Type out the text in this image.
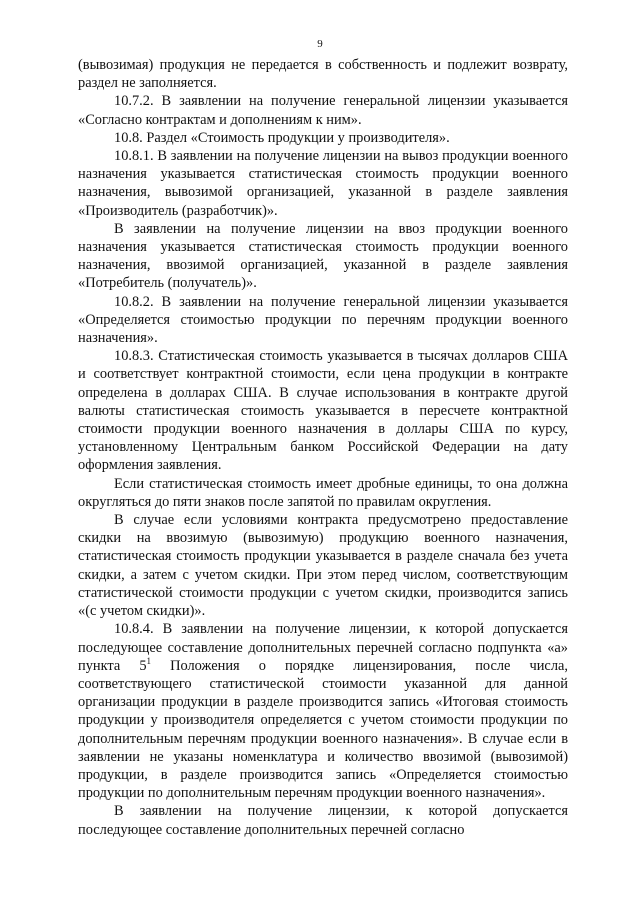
9

(вывозимая) продукция не передается в собственность и подлежит возврату, раздел не заполняется.

10.7.2. В заявлении на получение генеральной лицензии указывается «Согласно контрактам и дополнениям к ним».

10.8. Раздел «Стоимость продукции у производителя».

10.8.1. В заявлении на получение лицензии на вывоз продукции военного назначения указывается статистическая стоимость продукции военного назначения, вывозимой организацией, указанной в разделе заявления «Производитель (разработчик)».

В заявлении на получение лицензии на ввоз продукции военного назначения указывается статистическая стоимость продукции военного назначения, ввозимой организацией, указанной в разделе заявления «Потребитель (получатель)».

10.8.2. В заявлении на получение генеральной лицензии указывается «Определяется стоимостью продукции по перечням продукции военного назначения».

10.8.3. Статистическая стоимость указывается в тысячах долларов США и соответствует контрактной стоимости, если цена продукции в контракте определена в долларах США. В случае использования в контракте другой валюты статистическая стоимость указывается в пересчете контрактной стоимости продукции военного назначения в доллары США по курсу, установленному Центральным банком Российской Федерации на дату оформления заявления.

Если статистическая стоимость имеет дробные единицы, то она должна округляться до пяти знаков после запятой по правилам округления.

В случае если условиями контракта предусмотрено предоставление скидки на ввозимую (вывозимую) продукцию военного назначения, статистическая стоимость продукции указывается в разделе сначала без учета скидки, а затем с учетом скидки. При этом перед числом, соответствующим статистической стоимости продукции с учетом скидки, производится запись «(с учетом скидки)».

10.8.4. В заявлении на получение лицензии, к которой допускается последующее составление дополнительных перечней согласно подпункта «а» пункта $5^1$ Положения о порядке лицензирования, после числа, соответствующего статистической стоимости указанной для данной организации продукции в разделе производится запись «Итоговая стоимость продукции у производителя определяется с учетом стоимости продукции по дополнительным перечням продукции военного назначения». В случае если в заявлении не указаны номенклатура и количество ввозимой (вывозимой) продукции, в разделе производится запись «Определяется стоимостью продукции по дополнительным перечням продукции военного назначения».

В заявлении на получение лицензии, к которой допускается последующее составление дополнительных перечней согласно
